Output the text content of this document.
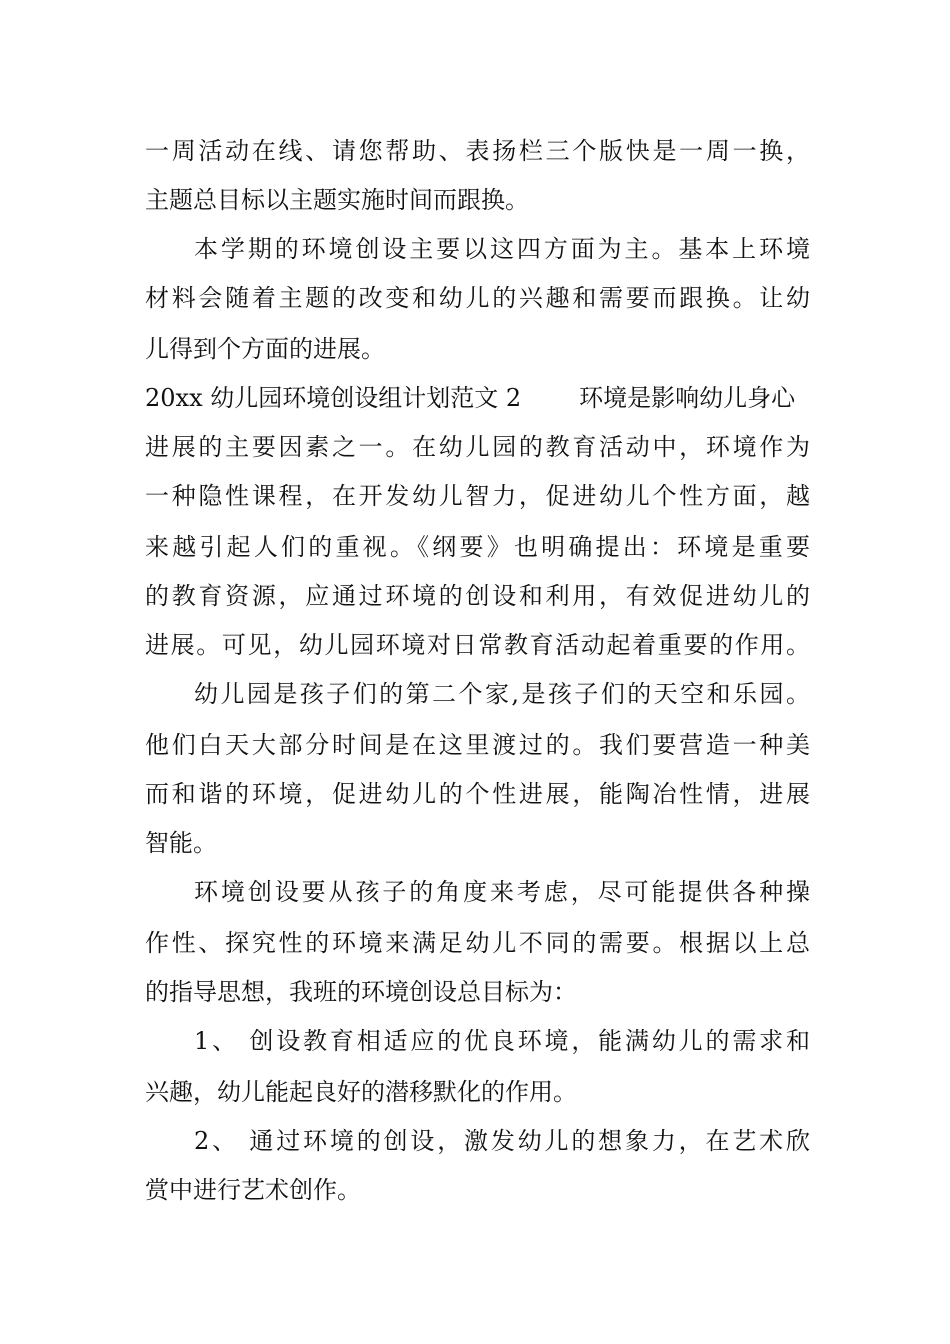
一周活动在线、请您帮助、表扬栏三个版快是一周一换，

主题总目标以主题实施时间而跟换。

本学期的环境创设主要以这四方面为主。基本上环境

材料会随着主题的改变和幼儿的兴趣和需要而跟换。让幼

儿得到个方面的进展。

20xx 幼儿园环境创设组计划范文 2 环境是影响幼儿身心

进展的主要因素之一。在幼儿园的教育活动中，环境作为

一种隐性课程，在开发幼儿智力，促进幼儿个性方面，越

来越引起人们的重视。《纲要》也明确提出：环境是重要

的教育资源，应通过环境的创设和利用，有效促进幼儿的

进展。可见，幼儿园环境对日常教育活动起着重要的作用。

幼儿园是孩子们的第二个家,是孩子们的天空和乐园。

他们白天大部分时间是在这里渡过的。我们要营造一种美

而和谐的环境，促进幼儿的个性进展，能陶冶性情，进展

智能。

环境创设要从孩子的角度来考虑，尽可能提供各种操

作性、探究性的环境来满足幼儿不同的需要。根据以上总

的指导思想，我班的环境创设总目标为：

1、 创设教育相适应的优良环境，能满幼儿的需求和

兴趣，幼儿能起良好的潜移默化的作用。

2、 通过环境的创设，激发幼儿的想象力，在艺术欣

赏中进行艺术创作。
